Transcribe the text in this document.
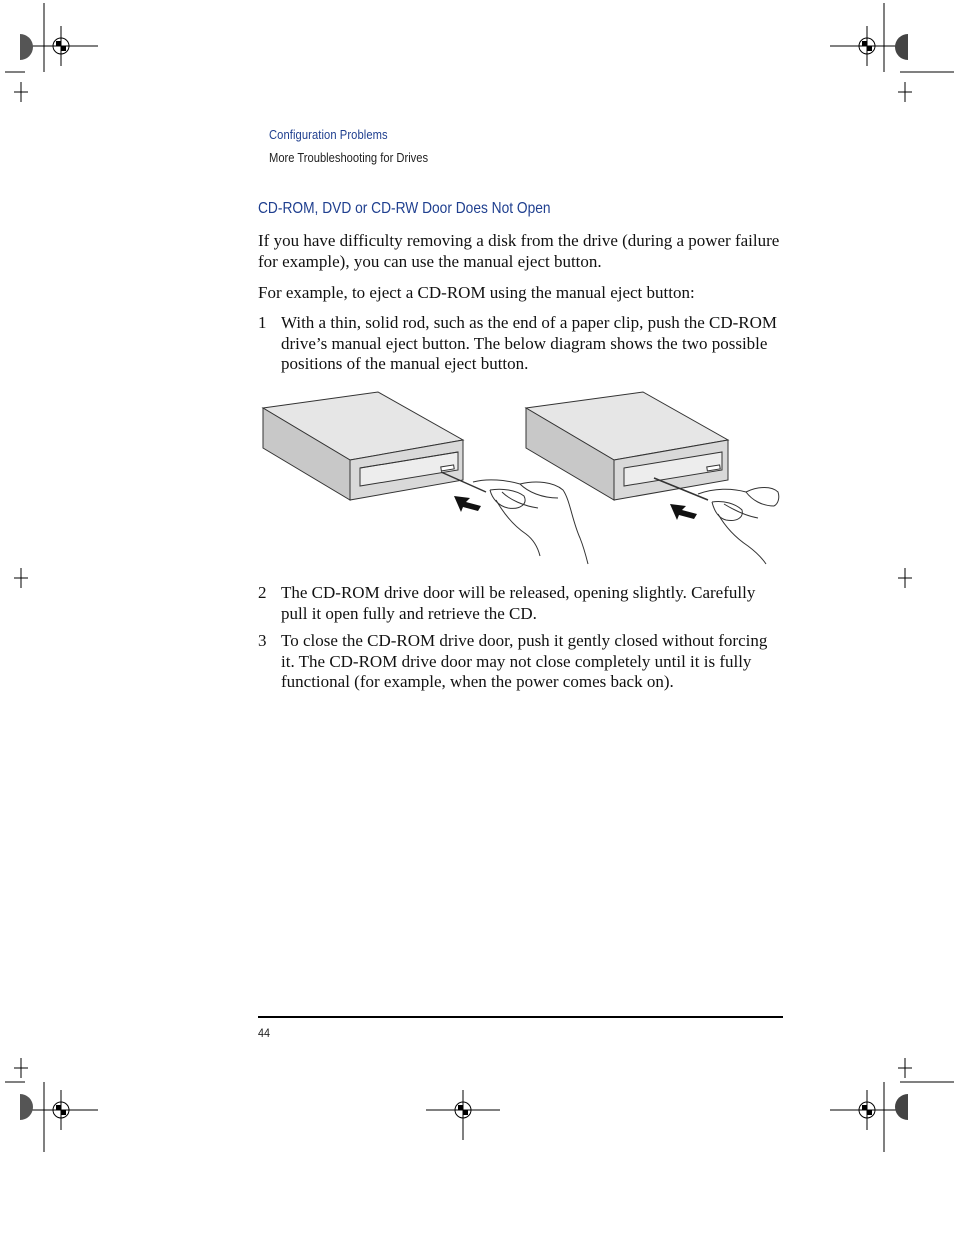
Configuration Problems
More Troubleshooting for Drives
CD-ROM, DVD or CD-RW Door Does Not Open

If you have difficulty removing a disk from the drive (during a power failure for example), you can use the manual eject button.

For example, to eject a CD-ROM using the manual eject button:

1 With a thin, solid rod, such as the end of a paper clip, push the CD-ROM drive’s manual eject button. The below diagram shows the two possible positions of the manual eject button.
2 The CD-ROM drive door will be released, opening slightly. Carefully pull it open fully and retrieve the CD.
3 To close the CD-ROM drive door, push it gently closed without forcing it. The CD-ROM drive door may not close completely until it is fully functional (for example, when the power comes back on).
44
